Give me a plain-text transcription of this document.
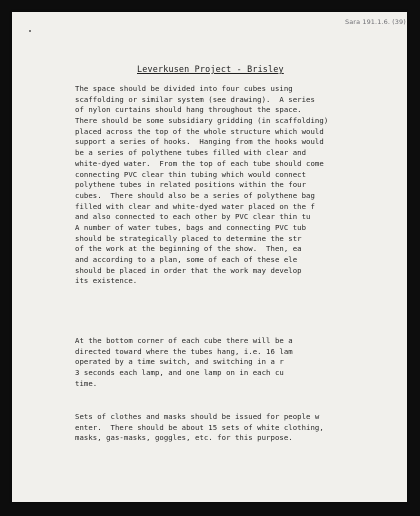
Sara 191.1.6. (39)
Leverkusen Project - Brisley
The space should be divided into four cubes using
scaffolding or similar system (see drawing).  A series
of nylon curtains should hang throughout the space.
There should be some subsidiary gridding (in scaffolding)
placed across the top of the whole structure which would
support a series of hooks.  Hanging from the hooks would
be a series of polythene tubes filled with clear and
white-dyed water.  From the top of each tube should come
connecting PVC clear thin tubing which would connect
polythene tubes in related positions within the four
cubes.  There should also be a series of polythene bag
filled with clear and white-dyed water placed on the f
and also connected to each other by PVC clear thin tu
A number of water tubes, bags and connecting PVC tub
should be strategically placed to determine the str
of the work at the beginning of the show.  Then, ea
and according to a plan, some of each of these ele
should be placed in order that the work may develop
its existence.
At the bottom corner of each cube there will be a
directed toward where the tubes hang, i.e. 16 lam
operated by a time switch, and switching in a r
3 seconds each lamp, and one lamp on in each cu
time.
Sets of clothes and masks should be issued for people w
enter.  There should be about 15 sets of white clothing,
masks, gas-masks, goggles, etc. for this purpose.
